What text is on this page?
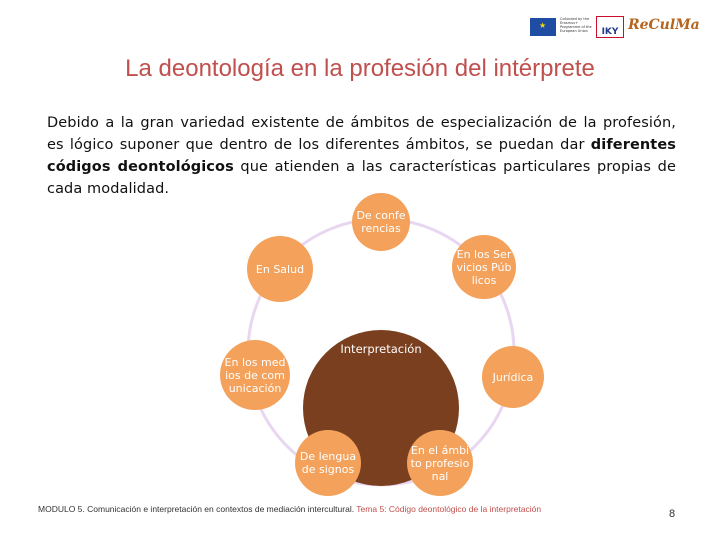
★
Cofunded by the Erasmus+ Programme of the European Union	IKY ReCulMa
La deontología en la profesión del intérprete
Debido a la gran variedad existente de ámbitos de especialización de la profesión, es lógico suponer que dentro de los diferentes ámbitos, se puedan dar diferentes códigos deontológicos que atienden a las características particulares propias de cada modalidad.
Interpretación
De conferencias
En los Servicios Públicos
Jurídica
En el ámbito profesional
De lengua de signos
En los medios de comunicación
En Salud
MODULO 5. Comunicación e interpretación en contextos de mediación intercultural. Tema 5: Código deontológico de la interpretación	8
